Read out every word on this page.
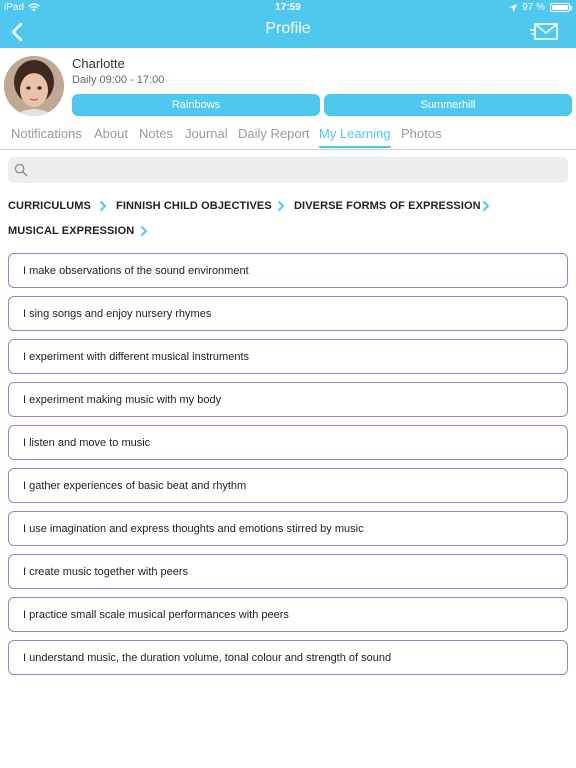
iPad	17:59	97 %
Profile
Charlotte
Daily 09:00 - 17:00
Rainbows	Summerhill
Notifications About Notes Journal Daily Report My Learning Photos
CURRICULUMS FINNISH CHILD OBJECTIVES DIVERSE FORMS OF EXPRESSION
MUSICAL EXPRESSION
I make observations of the sound environment
I sing songs and enjoy nursery rhymes
I experiment with different musical instruments
I experiment making music with my body
I listen and move to music
I gather experiences of basic beat and rhythm
I use imagination and express thoughts and emotions stirred by music
I create music together with peers
I practice small scale musical performances with peers
I understand music, the duration volume, tonal colour and strength of sound
